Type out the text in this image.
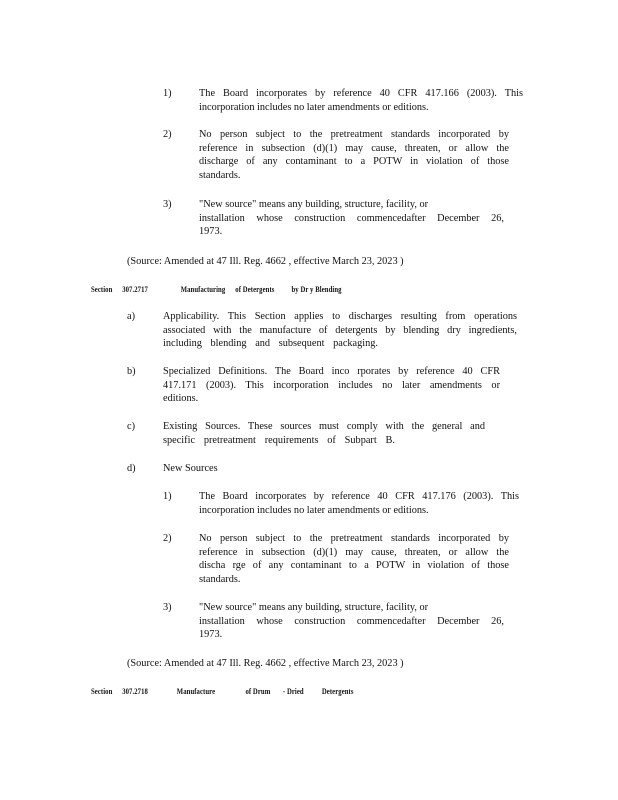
1)	The Board incorporates by reference 40 CFR 417.166 (2003). This
incorporation includes no later amendments or editions.
2)	No person subject to the pretreatment standards incorporated by
reference in subsection (d)(1) may cause, threaten, or allow the
discharge of any contaminant to a POTW in violation of those
standards.
3)	"New source" means any building, structure, facility, or
installation whose construction commencedafter December 26,
1973.

(Source: Amended at 47 Ill. Reg. 4662 , effective March 23, 2023 )

Section 307.2717	Manufacturing of Detergents by Dr y Blending
a)	Applicability. This Section applies to discharges resulting from operations
associated with the manufacture of detergents by blending dry ingredients,
including blending and subsequent packaging.
b)	Specialized Definitions. The Board inco rporates by reference 40 CFR
417.171 (2003). This incorporation includes no later amendments or
editions.
c)	Existing Sources. These sources must comply with the general and
specific pretreatment requirements of Subpart B.
d)	New Sources
1)	The Board incorporates by reference 40 CFR 417.176 (2003). This
incorporation includes no later amendments or editions.
2)	No person subject to the pretreatment standards incorporated by
reference in subsection (d)(1) may cause, threaten, or allow the
discha rge of any contaminant to a POTW in violation of those
standards.
3)	"New source" means any building, structure, facility, or
installation whose construction commencedafter December 26,
1973.

(Source: Amended at 47 Ill. Reg. 4662 , effective March 23, 2023 )

Section 307.2718	Manufacture	of Drum - Dried Detergents
